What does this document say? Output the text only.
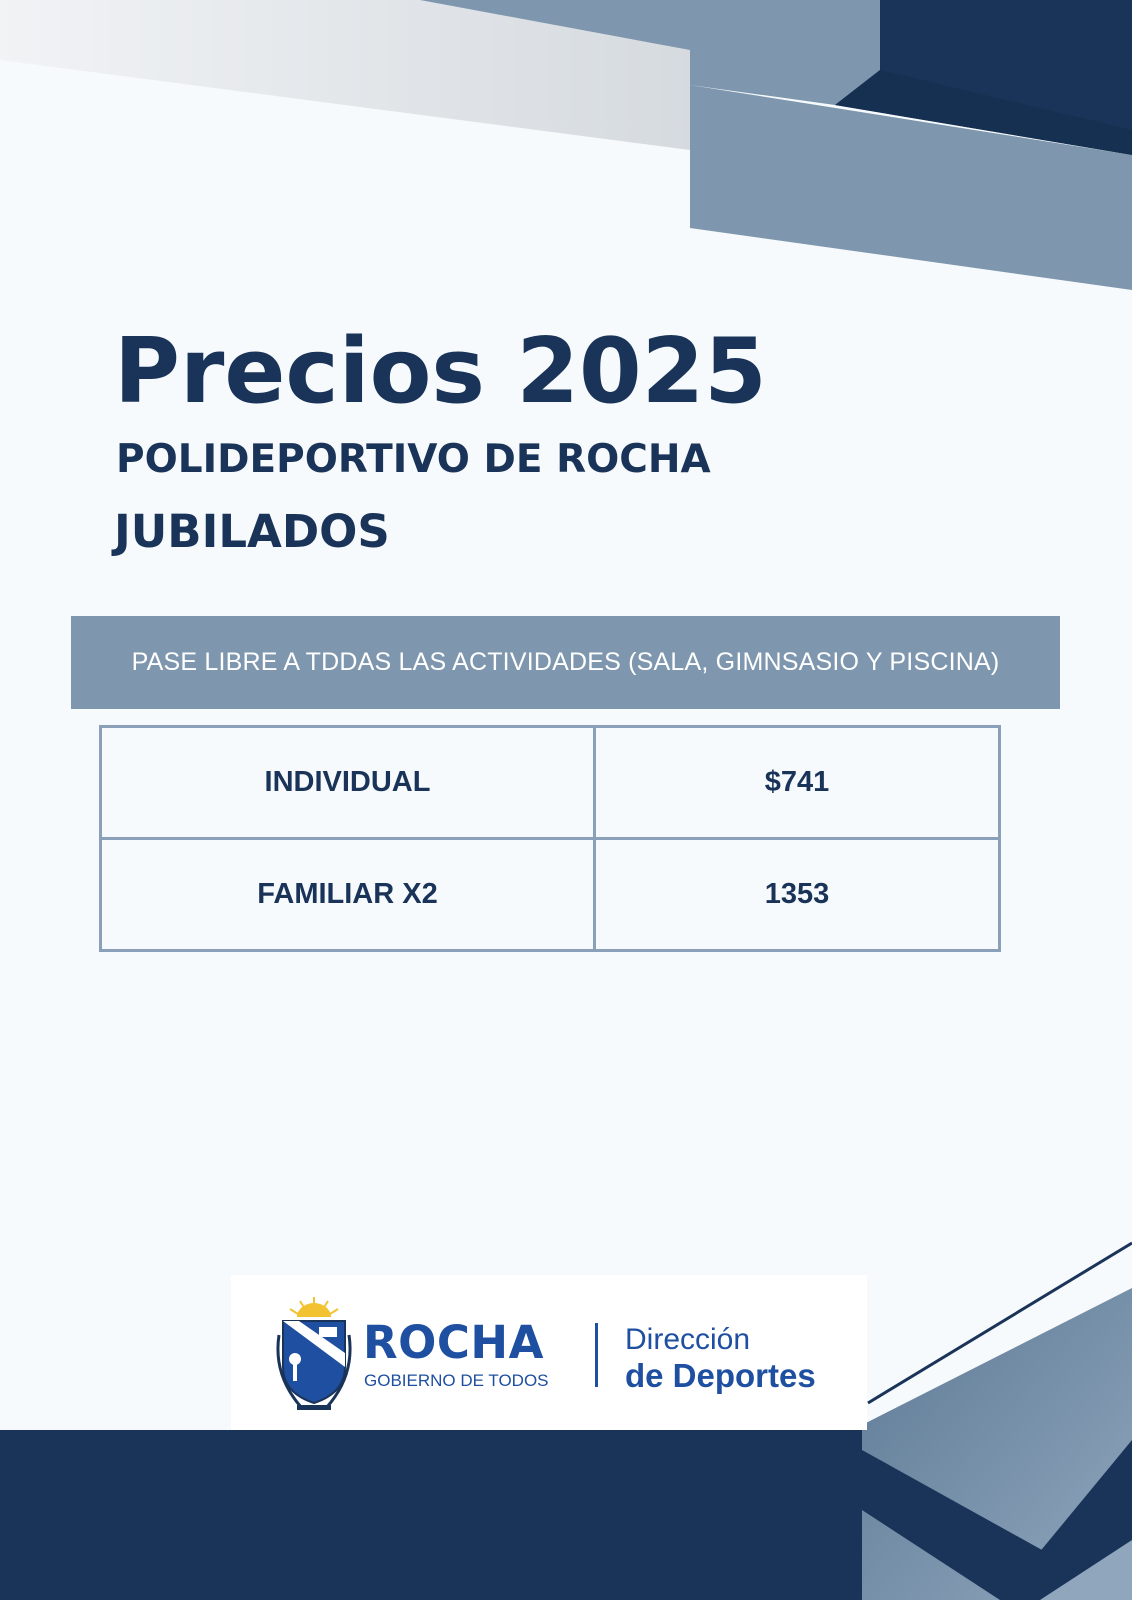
Precios 2025
POLIDEPORTIVO DE ROCHA
JUBILADOS
PASE LIBRE A TDDAS LAS ACTIVIDADES (SALA, GIMNSASIO Y PISCINA)
INDIVIDUAL	$741
FAMILIAR X2	1353
ROCHA
GOBIERNO DE TODOS
Dirección
de Deportes
